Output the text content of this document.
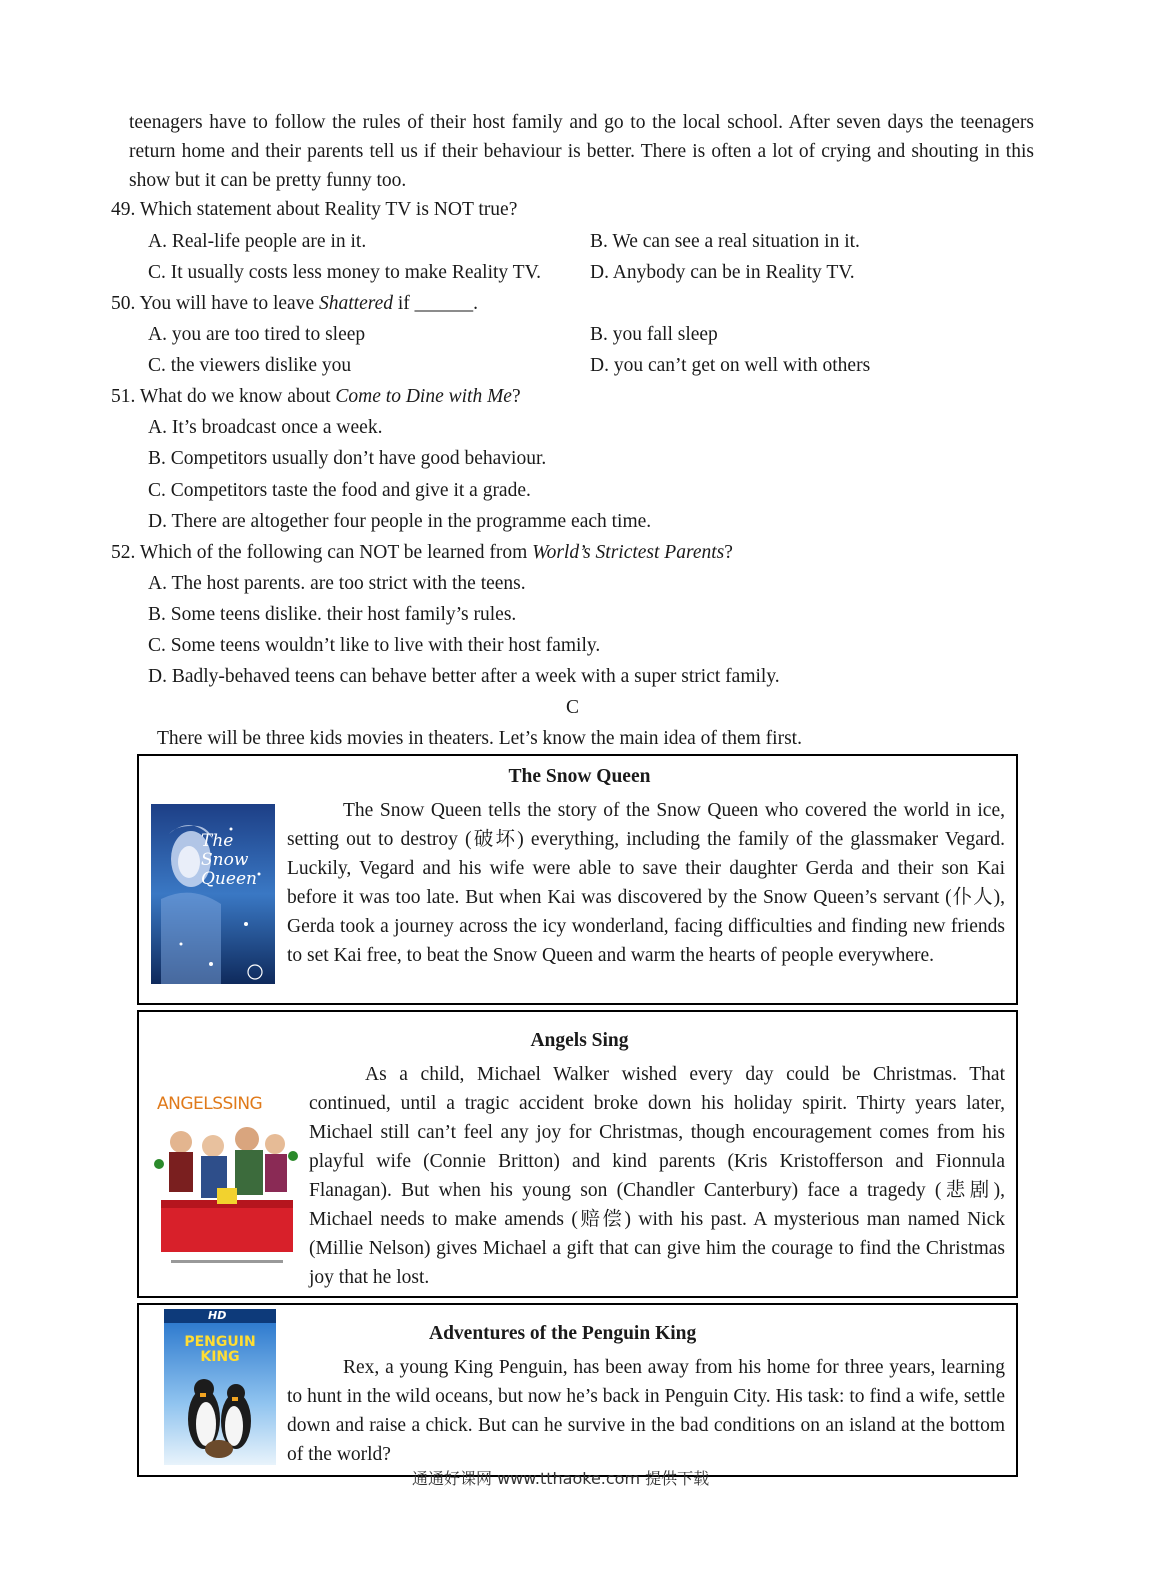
teenagers have to follow the rules of their host family and go to the local school. After seven days the teenagers return home and their parents tell us if their behaviour is better. There is often a lot of crying and shouting in this show but it can be pretty funny too.
49. Which statement about Reality TV is NOT true?
A. Real-life people are in it.	B. We can see a real situation in it.
C. It usually costs less money to make Reality TV.	D. Anybody can be in Reality TV.
50. You will have to leave Shattered if ______.
A. you are too tired to sleep	B. you fall sleep
C. the viewers dislike you	D. you can’t get on well with others
51. What do we know about Come to Dine with Me?
A. It’s broadcast once a week.
B. Competitors usually don’t have good behaviour.
C. Competitors taste the food and give it a grade.
D. There are altogether four people in the programme each time.
52. Which of the following can NOT be learned from World’s Strictest Parents?
A. The host parents. are too strict with the teens.
B. Some teens dislike. their host family’s rules.
C. Some teens wouldn’t like to live with their host family.
D. Badly-behaved teens can behave better after a week with a super strict family.
C
There will be three kids movies in theaters. Let’s know the main idea of them first.
The Snow Queen
The Snow Queen
The Snow Queen tells the story of the Snow Queen who covered the world in ice, setting out to destroy (破坏) everything, including the family of the glassmaker Vegard. Luckily, Vegard and his wife were able to save their daughter Gerda and their son Kai before it was too late. But when Kai was discovered by the Snow Queen’s servant (仆人), Gerda took a journey across the icy wonderland, facing difficulties and finding new friends to set Kai free, to beat the Snow Queen and warm the hearts of people everywhere.
Angels Sing
ANGELSSING
As a child, Michael Walker wished every day could be Christmas. That continued, until a tragic accident broke down his holiday spirit. Thirty years later, Michael still can’t feel any joy for Christmas, though encouragement comes from his playful wife (Connie Britton) and kind parents (Kris Kristofferson and Fionnula Flanagan). But when his young son (Chandler Canterbury) face a tragedy (悲剧), Michael needs to make amends (赔偿) with his past. A mysterious man named Nick (Millie Nelson) gives Michael a gift that can give him the courage to find the Christmas joy that he lost.
HD
PENGUIN KING
Adventures of the Penguin King
Rex, a young King Penguin, has been away from his home for three years, learning to hunt in the wild oceans, but now he’s back in Penguin City. His task: to find a wife, settle down and raise a chick. But can he survive in the bad conditions on an island at the bottom of the world?
通通好课网 www.tthaoke.com 提供下载
